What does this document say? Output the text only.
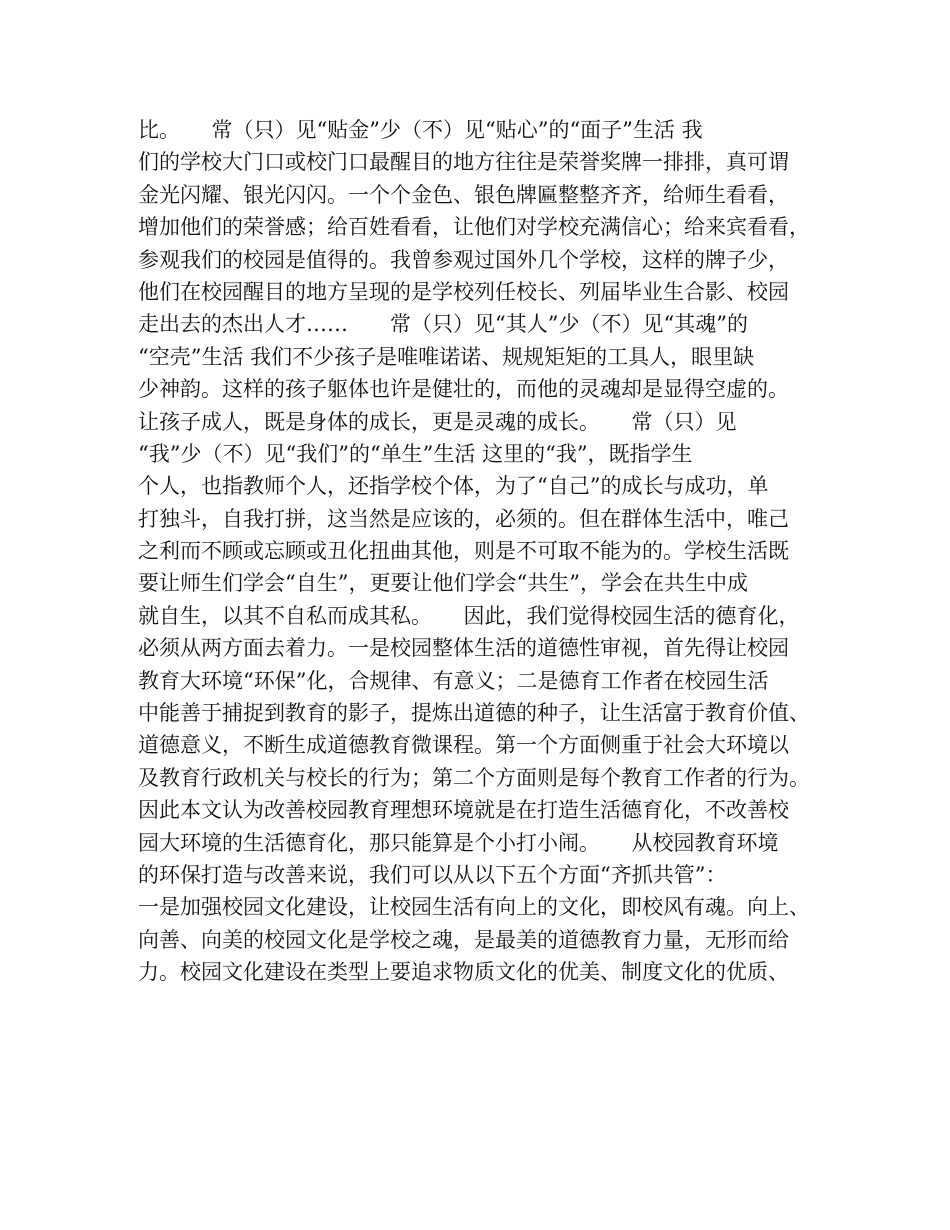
比。　　常（只）见“贴金”少（不）见“贴心”的“面子”生活 我
们的学校大门口或校门口最醒目的地方往往是荣誉奖牌一排排，真可谓
金光闪耀、银光闪闪。一个个金色、银色牌匾整整齐齐，给师生看看，
增加他们的荣誉感；给百姓看看，让他们对学校充满信心；给来宾看看，
参观我们的校园是值得的。我曾参观过国外几个学校，这样的牌子少，
他们在校园醒目的地方呈现的是学校列任校长、列届毕业生合影、校园
走出去的杰出人才……　　常（只）见“其人”少（不）见“其魂”的
“空壳”生活 我们不少孩子是唯唯诺诺、规规矩矩的工具人，眼里缺
少神韵。这样的孩子躯体也许是健壮的，而他的灵魂却是显得空虚的。
让孩子成人，既是身体的成长，更是灵魂的成长。　　常（只）见
“我”少（不）见“我们”的“单生”生活 这里的“我”，既指学生
个人，也指教师个人，还指学校个体，为了“自己”的成长与成功，单
打独斗，自我打拼，这当然是应该的，必须的。但在群体生活中，唯己
之利而不顾或忘顾或丑化扭曲其他，则是不可取不能为的。学校生活既
要让师生们学会“自生”，更要让他们学会“共生”，学会在共生中成
就自生，以其不自私而成其私。　　因此，我们觉得校园生活的德育化，
必须从两方面去着力。一是校园整体生活的道德性审视，首先得让校园
教育大环境“环保”化，合规律、有意义；二是德育工作者在校园生活
中能善于捕捉到教育的影子，提炼出道德的种子，让生活富于教育价值、
道德意义，不断生成道德教育微课程。第一个方面侧重于社会大环境以
及教育行政机关与校长的行为；第二个方面则是每个教育工作者的行为。
因此本文认为改善校园教育理想环境就是在打造生活德育化，不改善校
园大环境的生活德育化，那只能算是个小打小闹。　　从校园教育环境
的环保打造与改善来说，我们可以从以下五个方面“齐抓共管”：
一是加强校园文化建设，让校园生活有向上的文化，即校风有魂。向上、
向善、向美的校园文化是学校之魂，是最美的道德教育力量，无形而给
力。校园文化建设在类型上要追求物质文化的优美、制度文化的优质、
